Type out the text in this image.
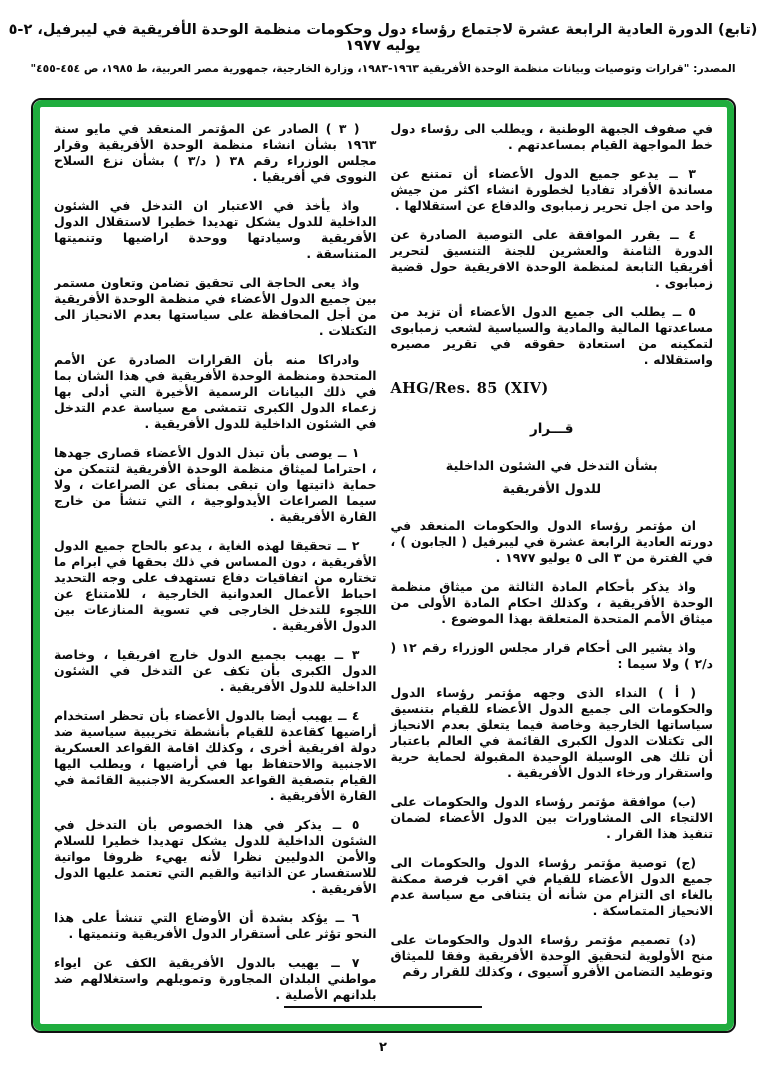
(تابع) الدورة العادية الرابعة عشرة لاجتماع رؤساء دول وحكومات منظمة الوحدة الأفريقية في ليبرفيل، ٢-٥ يوليه ١٩٧٧
المصدر: "قرارات وتوصيات وبيانات منظمة الوحدة الأفريقية ١٩٦٣-١٩٨٣، وزارة الخارجية، جمهورية مصر العربية، ط ١٩٨٥، ص ٤٥٤-٤٥٥"
في صفوف الجبهة الوطنية ، ويطلب الى رؤساء دول خط المواجهة القيام بمساعدتهم .
٣ ــ يدعو جميع الدول الأعضاء أن تمتنع عن مساندة الأفراد تفاديا لخطورة انشاء اكثر من جيش واحد من اجل تحرير زمبابوى والدفاع عن استقلالها .
٤ ــ يقرر الموافقة على التوصية الصادرة عن الدورة الثامنة والعشرين للجنة التنسيق لتحرير أفريقيا التابعة لمنظمة الوحدة الافريقية حول قضية زمبابوى .
٥ ــ يطلب الى جميع الدول الأعضاء أن تزيد من مساعدتها المالية والمادية والسياسية لشعب زمبابوى لتمكينه من استعادة حقوقه في تقرير مصيره واستقلاله .
AHG/Res. 85 (XIV)
قـــرار
بشأن التدخل في الشئون الداخلية
للدول الأفريقية
ان مؤتمر رؤساء الدول والحكومات المنعقد في دورته العادية الرابعة عشرة في ليبرفيل ( الجابون ) ، في الفترة من ٣ الى ٥ يوليو ١٩٧٧ .
واذ يذكر بأحكام المادة الثالثة من ميثاق منظمة الوحدة الأفريقية ، وكذلك احكام المادة الأولى من ميثاق الأمم المتحدة المتعلقة بهذا الموضوع .
واذ يشير الى أحكام قرار مجلس الوزراء رقم ١٢ ( د/٢ ) ولا سيما :
( أ ) النداء الذى وجهه مؤتمر رؤساء الدول والحكومات الى جميع الدول الأعضاء للقيام بتنسيق سياساتها الخارجية وخاصة فيما يتعلق بعدم الانحياز الى تكتلات الدول الكبرى القائمة في العالم باعتبار أن تلك هى الوسيلة الوحيدة المقبولة لحماية حرية واستقرار ورخاء الدول الأفريقية .
(ب) موافقة مؤتمر رؤساء الدول والحكومات على الالتجاء الى المشاورات بين الدول الأعضاء لضمان تنفيذ هذا القرار .
(ج) توصية مؤتمر رؤساء الدول والحكومات الى جميع الدول الأعضاء للقيام في اقرب فرصة ممكنة بالغاء اى التزام من شأنه أن يتنافى مع سياسة عدم الانحياز المتماسكة .
(د) تصميم مؤتمر رؤساء الدول والحكومات على منح الأولوية لتحقيق الوحدة الأفريقية وفقا للميثاق وتوطيد التضامن الأفرو آسيوى ، وكذلك للقرار رقم
( ٣ ) الصادر عن المؤتمر المنعقد في مايو سنة ١٩٦٣ بشأن انشاء منظمة الوحدة الأفريقية وقرار مجلس الوزراء رقم ٣٨ ( د/٣ ) بشأن نزع السلاح النووى في أفريقيا .
واذ يأخذ في الاعتبار ان التدخل في الشئون الداخلية للدول يشكل تهديدا خطيرا لاستقلال الدول الأفريقية وسيادتها ووحدة اراضيها وتنميتها المتناسقة .
واذ يعى الحاجة الى تحقيق تضامن وتعاون مستمر بين جميع الدول الأعضاء في منظمة الوحدة الأفريقية من أجل المحافظة على سياستها بعدم الانحياز الى التكتلات .
وادراكا منه بأن القرارات الصادرة عن الأمم المتحدة ومنظمة الوحدة الأفريقية في هذا الشان بما في ذلك البيانات الرسمية الأخيرة التي أدلى بها زعماء الدول الكبرى تتمشى مع سياسة عدم التدخل في الشئون الداخلية للدول الأفريقية .
١ ــ يوصى بأن تبذل الدول الأعضاء قصارى جهدها ، احتراما لميثاق منظمة الوحدة الأفريقية لتتمكن من حماية ذاتيتها وان تبقى بمنأى عن الصراعات ، ولا سيما الصراعات الأيدولوجية ، التي تنشأ من خارج القارة الأفريقية .
٢ ــ تحقيقا لهذه الغاية ، يدعو بالحاح جميع الدول الأفريقية ، دون المساس في ذلك بحقها في ابرام ما تختاره من اتفاقيات دفاع تستهدف على وجه التحديد احباط الأعمال العدوانية الخارجية ، للامتناع عن اللجوء للتدخل الخارجى في تسوية المنازعات بين الدول الأفريقية .
٣ ــ يهيب بجميع الدول خارج افريقيا ، وخاصة الدول الكبرى بأن تكف عن التدخل في الشئون الداخلية للدول الأفريقية .
٤ ــ يهيب أيضا بالدول الأعضاء بأن تحظر استخدام أراضيها كقاعدة للقيام بأنشطة تخريبية سياسية ضد دولة افريقية أخرى ، وكذلك اقامة القواعد العسكرية الاجنبية والاحتفاظ بها في أراضيها ، ويطلب اليها القيام بتصفية القواعد العسكرية الاجنبية القائمة في القارة الأفريقية .
٥ ــ يذكر في هذا الخصوص بأن التدخل في الشئون الداخلية للدول يشكل تهديدا خطيرا للسلام والأمن الدوليين نظرا لأنه يهيء ظروفا مواتية للاستفسار عن الذاتية والقيم التي تعتمد عليها الدول الأفريقية .
٦ ــ يؤكد بشدة أن الأوضاع التي تنشأ على هذا النحو تؤثر على أستقرار الدول الأفريقية وتنميتها .
٧ ــ يهيب بالدول الأفريقية الكف عن ايواء مواطني البلدان المجاورة وتمويلهم واستغلالهم ضد بلدانهم الأصلية .
٢
